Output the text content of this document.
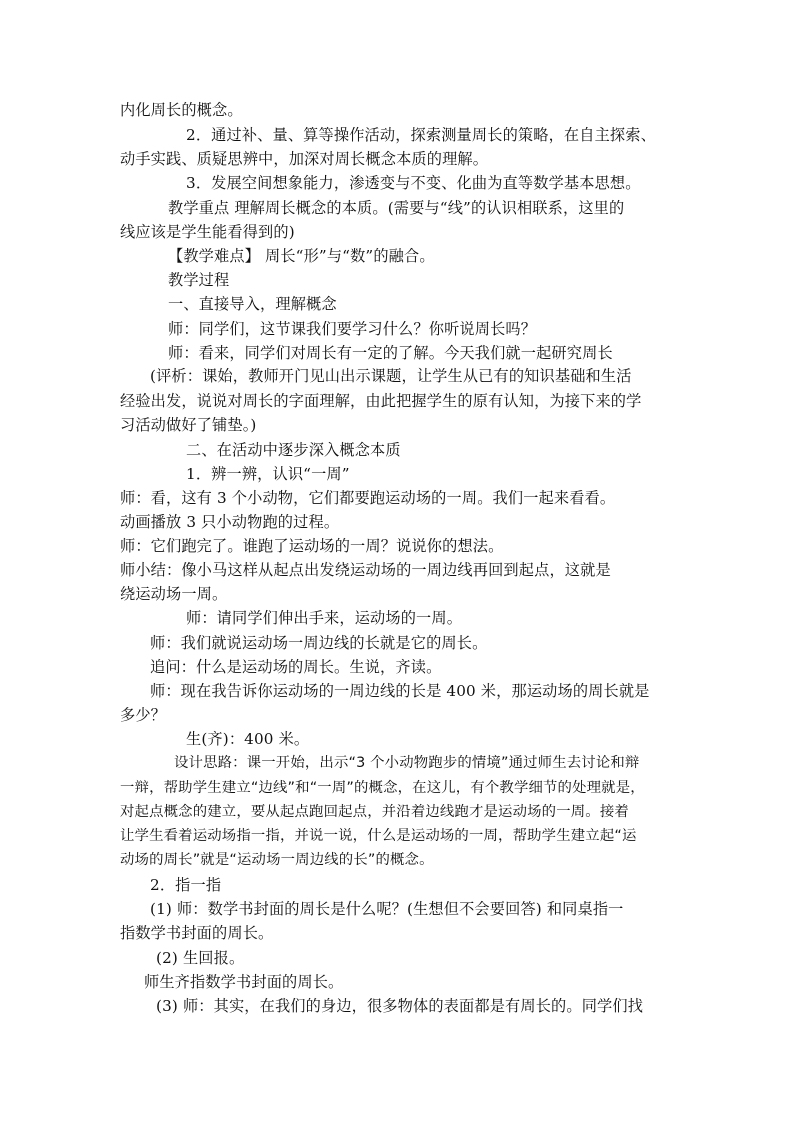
内化周长的概念。
2．通过补、量、算等操作活动，探索测量周长的策略，在自主探索、
动手实践、质疑思辨中，加深对周长概念本质的理解。
3．发展空间想象能力，渗透变与不变、化曲为直等数学基本思想。
教学重点 理解周长概念的本质。(需要与“线”的认识相联系，这里的
线应该是学生能看得到的)
【教学难点】 周长“形”与“数”的融合。
教学过程
一、直接导入，理解概念
师：同学们，这节课我们要学习什么？你听说周长吗？
师：看来，同学们对周长有一定的了解。今天我们就一起研究周长
(评析：课始，教师开门见山出示课题，让学生从已有的知识基础和生活
经验出发，说说对周长的字面理解，由此把握学生的原有认知，为接下来的学
习活动做好了铺垫。)
二、在活动中逐步深入概念本质
1．辨一辨，认识“一周”
师：看，这有 3 个小动物，它们都要跑运动场的一周。我们一起来看看。
动画播放 3 只小动物跑的过程。
师：它们跑完了。谁跑了运动场的一周？说说你的想法。
师小结：像小马这样从起点出发绕运动场的一周边线再回到起点，这就是
绕运动场一周。
师：请同学们伸出手来，运动场的一周。
师：我们就说运动场一周边线的长就是它的周长。
追问：什么是运动场的周长。生说，齐读。
师：现在我告诉你运动场的一周边线的长是 400 米，那运动场的周长就是
多少？
生(齐)：400 米。
设计思路：课一开始，出示“3 个小动物跑步的情境”通过师生去讨论和辩
一辩，帮助学生建立“边线”和“一周”的概念，在这儿，有个教学细节的处理就是，
对起点概念的建立，要从起点跑回起点，并沿着边线跑才是运动场的一周。接着
让学生看着运动场指一指，并说一说，什么是运动场的一周，帮助学生建立起“运
动场的周长”就是“运动场一周边线的长”的概念。
2．指一指
(1) 师：数学书封面的周长是什么呢？(生想但不会要回答) 和同桌指一
指数学书封面的周长。
(2) 生回报。
师生齐指数学书封面的周长。
(3) 师：其实，在我们的身边，很多物体的表面都是有周长的。同学们找
